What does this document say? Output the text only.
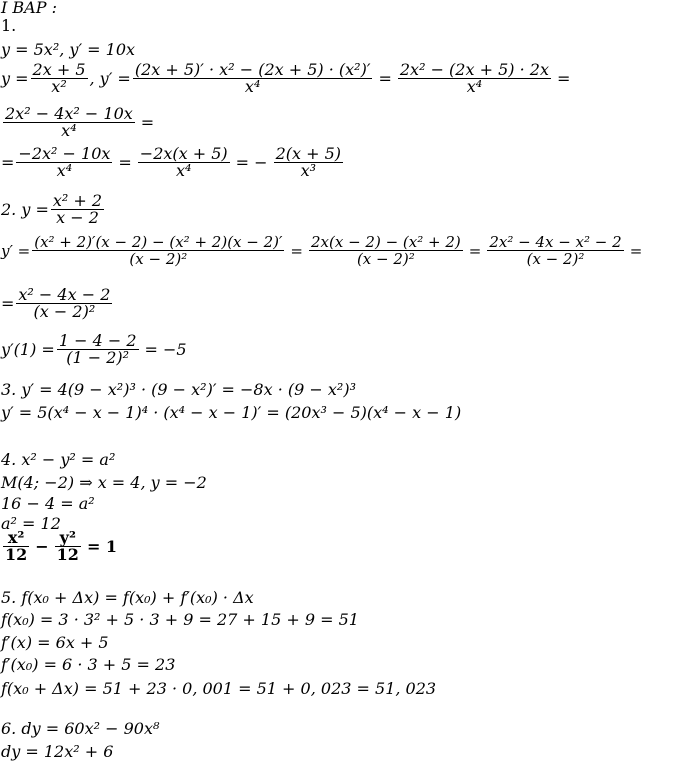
I BAP :
1.
y = 5x², y′ = 10x
$y = \frac{2x + 5}{\text{x²}}$ , $y' = \frac{\text{(2x + 5)′ · x² − (2x + 5) · (x²)′}}{\text{x⁴}} = \frac{\text{2x² − (2x + 5) · 2x}}{\text{x⁴}}$ =
$\frac{\text{2x² − 4x² − 10x}}{\text{x⁴}}$ =
= $\frac{\text{−2x² − 10x}}{\text{x⁴}} = \frac{-2x(x + 5)}{\text{x⁴}}$ = − $\frac{2(x + 5)}{\text{x³}}$
2. $y = \frac{\text{x² + 2}}{x - 2}$
$y' = \frac{\text{(x² + 2)′(x − 2) − (x² + 2)(x − 2)′}}{\text{(x − 2)²}} = \frac{\text{2x(x − 2) − (x² + 2)}}{\text{(x − 2)²}} = \frac{\text{2x² − 4x − x² − 2}}{\text{(x − 2)²}}$ =
= $\frac{\text{x² − 4x − 2}}{\text{(x − 2)²}}$
$y'(1) = \frac{1 - 4 - 2}{\text{(1 − 2)²}} = -5$
3. y′ = 4(9 − x²)³ · (9 − x²)′ = −8x · (9 − x²)³
y′ = 5(x⁴ − x − 1)⁴ · (x⁴ − x − 1)′ = (20x³ − 5)(x⁴ − x − 1)
4. x² − y² = a²
M(4; −2) ⇒ x = 4, y = −2
16 − 4 = a²
a² = 12
$\frac{\text{x²}}{12} - \frac{\text{y²}}{12} = 1$
5. f(x₀ + Δx) = f(x₀) + f′(x₀) · Δx
f(x₀) = 3 · 3² + 5 · 3 + 9 = 27 + 15 + 9 = 51
f′(x) = 6x + 5
f′(x₀) = 6 · 3 + 5 = 23
f(x₀ + Δx) = 51 + 23 · 0, 001 = 51 + 0, 023 = 51, 023
6. dy = 60x² − 90x⁸
dy = 12x² + 6
